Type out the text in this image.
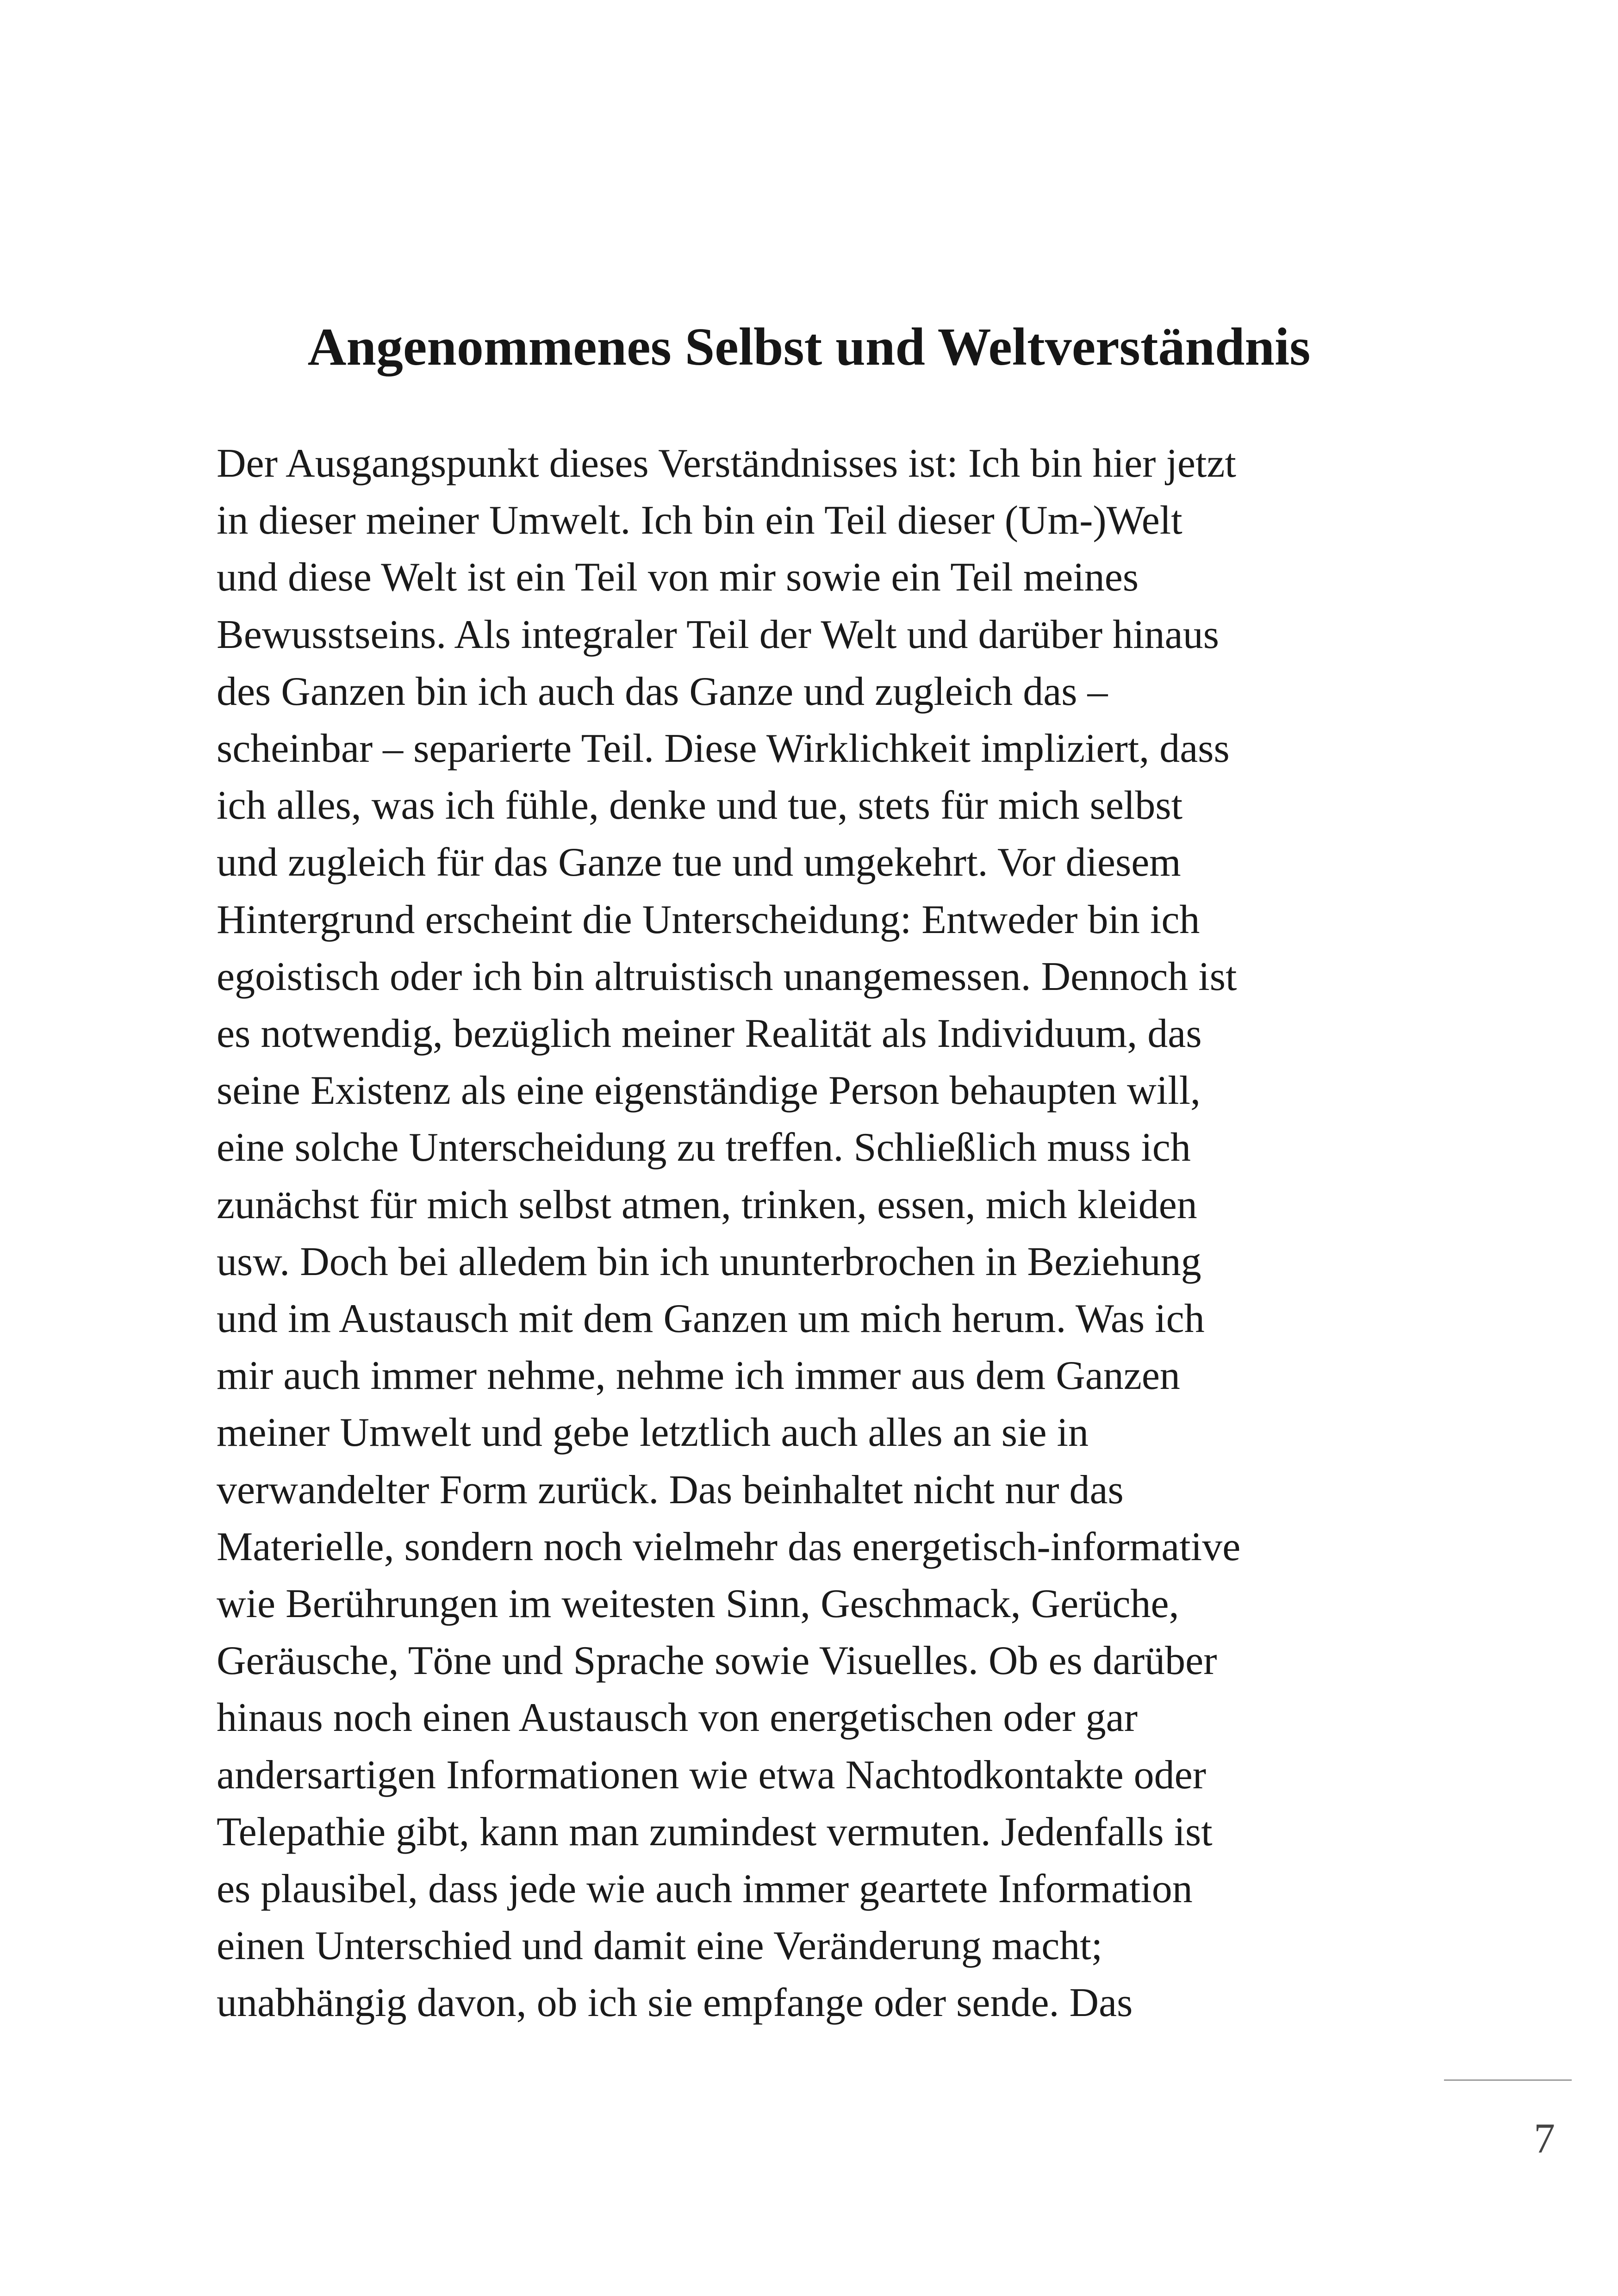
Angenommenes Selbst und Weltverständnis
Der Ausgangspunkt dieses Verständnisses ist: Ich bin hier jetzt
in dieser meiner Umwelt. Ich bin ein Teil dieser (Um-)Welt
und diese Welt ist ein Teil von mir sowie ein Teil meines
Bewusstseins. Als integraler Teil der Welt und darüber hinaus
des Ganzen bin ich auch das Ganze und zugleich das –
scheinbar – separierte Teil. Diese Wirklichkeit impliziert, dass
ich alles, was ich fühle, denke und tue, stets für mich selbst
und zugleich für das Ganze tue und umgekehrt. Vor diesem
Hintergrund erscheint die Unterscheidung: Entweder bin ich
egoistisch oder ich bin altruistisch unangemessen. Dennoch ist
es notwendig, bezüglich meiner Realität als Individuum, das
seine Existenz als eine eigenständige Person behaupten will,
eine solche Unterscheidung zu treffen. Schließlich muss ich
zunächst für mich selbst atmen, trinken, essen, mich kleiden
usw. Doch bei alledem bin ich ununterbrochen in Beziehung
und im Austausch mit dem Ganzen um mich herum. Was ich
mir auch immer nehme, nehme ich immer aus dem Ganzen
meiner Umwelt und gebe letztlich auch alles an sie in
verwandelter Form zurück. Das beinhaltet nicht nur das
Materielle, sondern noch vielmehr das energetisch-informative
wie Berührungen im weitesten Sinn, Geschmack, Gerüche,
Geräusche, Töne und Sprache sowie Visuelles. Ob es darüber
hinaus noch einen Austausch von energetischen oder gar
andersartigen Informationen wie etwa Nachtodkontakte oder
Telepathie gibt, kann man zumindest vermuten. Jedenfalls ist
es plausibel, dass jede wie auch immer geartete Information
einen Unterschied und damit eine Veränderung macht;
unabhängig davon, ob ich sie empfange oder sende. Das
7
